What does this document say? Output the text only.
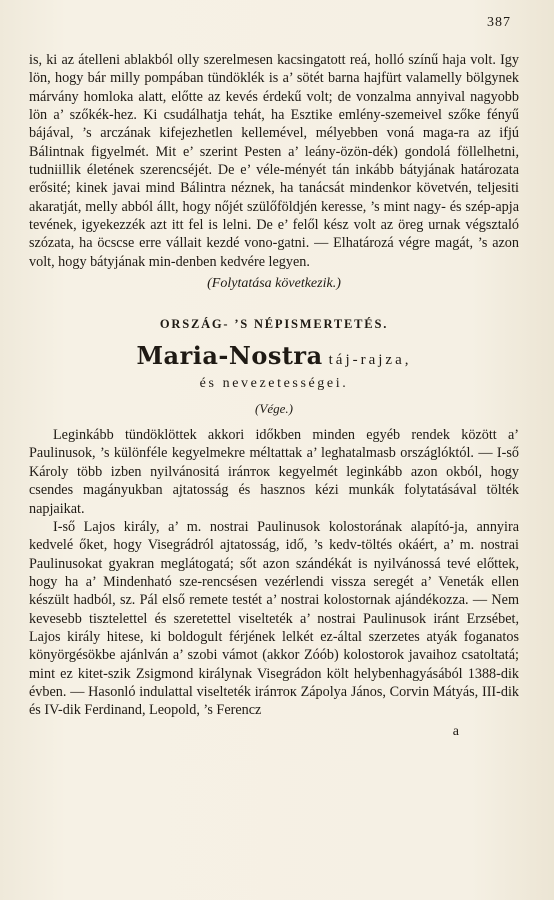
387

is, ki az átelleni ablakból olly szerelmesen kacsingatott reá, holló színű haja volt. Igy lön, hogy bár milly pompában tündöklék is a’ sötét barna hajfürt valamelly bölgynek márvány homloka alatt, előtte az kevés érdekű volt; de vonzalma annyival nagyobb lön a’ szőkék-hez. Ki csudálhatja tehát, ha Esztike emlény-szemeivel szőke fényű bájával, ’s arczának kifejezhetlen kellemével, mélyebben voná maga-ra az ifjú Bálintnak figyelmét. Mit e’ szerint Pesten a’ leány-özön-dék) gondolá föllelhetni, tudniillik életének szerencséjét. De e’ véle-ményét tán inkább bátyjának határozata erősité; kinek javai mind Bálintra néznek, ha tanácsát mindenkor követvén, teljesiti akaratját, melly abból állt, hogy nőjét szülőföldjén keresse, ’s mint nagy- és szép-apja tevének, igyekezzék azt itt fel is lelni. De e’ felől kész volt az öreg urnak végsztaló szózata, ha öcscse erre vállait kezdé vono-gatni. — Elhatározá végre magát, ’s azon volt, hogy bátyjának min-denben kedvére legyen.

(Folytatása következik.)

ORSZÁG- ’S NÉPISMERTETÉS.

Maria-Nostra táj-rajza,

és nevezetességei.

(Vége.)

Leginkább tündöklöttek akkori időkben minden egyéb rendek között a’ Paulinusok, ’s különféle kegyelmekre méltattak a’ leghatalmasb országlóktól. — I-ső Károly több izben nyilvánositá iránток kegyelmét leginkább azon okból, hogy csendes magányukban ajtatosság és hasznos kézi munkák folytatásával tölték napjaikat.

I-ső Lajos király, a’ m. nostrai Paulinusok kolostorának alapító-ja, annyira kedvelé őket, hogy Visegrádról ajtatosság, idő, ’s kedv-töltés okáért, a’ m. nostrai Paulinusokat gyakran meglátogatá; sőt azon szándékát is nyilvánossá tevé előttek, hogy ha a’ Mindenható sze-rencsésen vezérlendi vissza seregét a’ Veneták ellen készült hadból, sz. Pál első remete testét a’ nostrai kolostornak ajándékozza. — Nem kevesebb tisztelettel és szeretettel viselteték a’ nostrai Paulinusok iránt Erzsébet, Lajos király hitese, ki boldogult férjének lelkét ez-által szerzetes atyák foganatos könyörgésökbe ajánlván a’ szobi vámot (akkor Zóób) kolostorok javaihoz csatoltatá; mint ez kitet-szik Zsigmond királynak Visegrádon költ helybenhagyásából 1388-dik évben. — Hasonló indulattal viselteték iránток Zápolya János, Corvin Mátyás, III-dik és IV-dik Ferdinand, Leopold, ’s Ferencz

a
